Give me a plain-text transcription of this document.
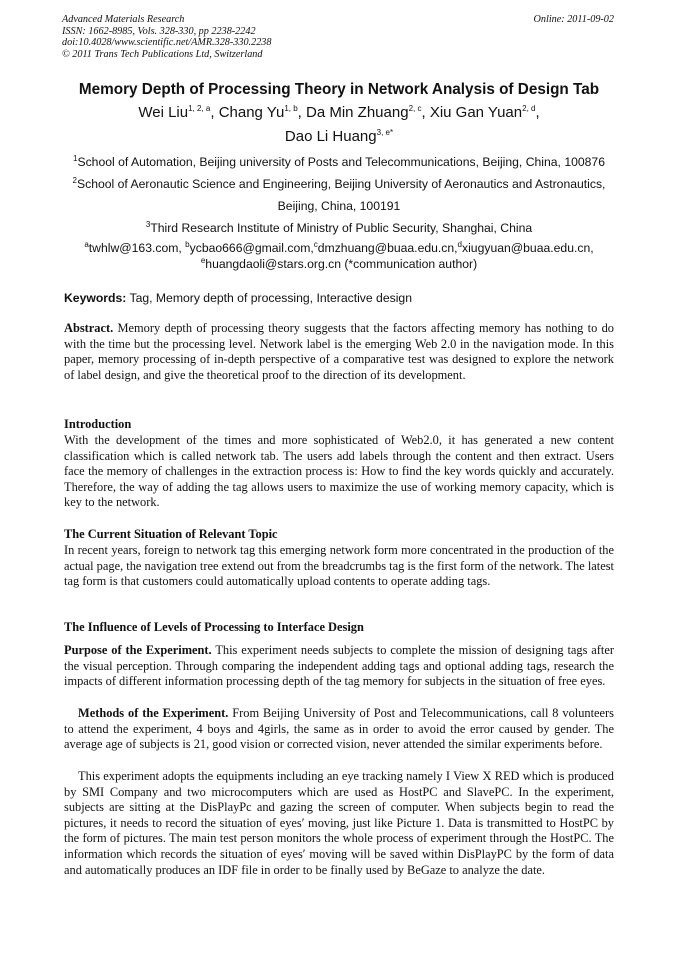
Advanced Materials Research
ISSN: 1662-8985, Vols. 328-330, pp 2238-2242
doi:10.4028/www.scientific.net/AMR.328-330.2238
© 2011 Trans Tech Publications Ltd, Switzerland
Online: 2011-09-02
Memory Depth of Processing Theory in Network Analysis of Design Tab
Wei Liu$^{1, 2, a}$, Chang Yu$^{1, b}$, Da Min Zhuang$^{2, c}$, Xiu Gan Yuan$^{2, d}$,
Dao Li Huang$^{3, e*}$
$^1$School of Automation, Beijing university of Posts and Telecommunications, Beijing, China, 100876
$^2$School of Aeronautic Science and Engineering, Beijing University of Aeronautics and Astronautics,
Beijing, China, 100191
$^3$Third Research Institute of Ministry of Public Security, Shanghai, China
$^a$twhlw@163.com, $^b$ycbao666@gmail.com,$^c$dmzhuang@buaa.edu.cn,$^d$xiugyuan@buaa.edu.cn,
$^e$huangdaoli@stars.org.cn (*communication author)
Keywords: Tag, Memory depth of processing, Interactive design

Abstract. Memory depth of processing theory suggests that the factors affecting memory has nothing to do with the time but the processing level. Network label is the emerging Web 2.0 in the navigation mode. In this paper, memory processing of in-depth perspective of a comparative test was designed to explore the network of label design, and give the theoretical proof to the direction of its development.

Introduction

With the development of the times and more sophisticated of Web2.0, it has generated a new content classification which is called network tab. The users add labels through the content and then extract. Users face the memory of challenges in the extraction process is: How to find the key words quickly and accurately. Therefore, the way of adding the tag allows users to maximize the use of working memory capacity, which is key to the network.

The Current Situation of Relevant Topic

In recent years, foreign to network tag this emerging network form more concentrated in the production of the actual page, the navigation tree extend out from the breadcrumbs tag is the first form of the network. The latest tag form is that customers could automatically upload contents to operate adding tags.

The Influence of Levels of Processing to Interface Design

Purpose of the Experiment. This experiment needs subjects to complete the mission of designing tags after the visual perception. Through comparing the independent adding tags and optional adding tags, research the impacts of different information processing depth of the tag memory for subjects in the situation of free eyes.

Methods of the Experiment. From Beijing University of Post and Telecommunications, call 8 volunteers to attend the experiment, 4 boys and 4girls, the same as in order to avoid the error caused by gender. The average age of subjects is 21, good vision or corrected vision, never attended the similar experiments before.

This experiment adopts the equipments including an eye tracking namely I View X RED which is produced by SMI Company and two microcomputers which are used as HostPC and SlavePC. In the experiment, subjects are sitting at the DisPlayPc and gazing the screen of computer. When subjects begin to read the pictures, it needs to record the situation of eyes′ moving, just like Picture 1. Data is transmitted to HostPC by the form of pictures. The main test person monitors the whole process of experiment through the HostPC. The information which records the situation of eyes′ moving will be saved within DisPlayPC by the form of data and automatically produces an IDF file in order to be finally used by BeGaze to analyze the date.
